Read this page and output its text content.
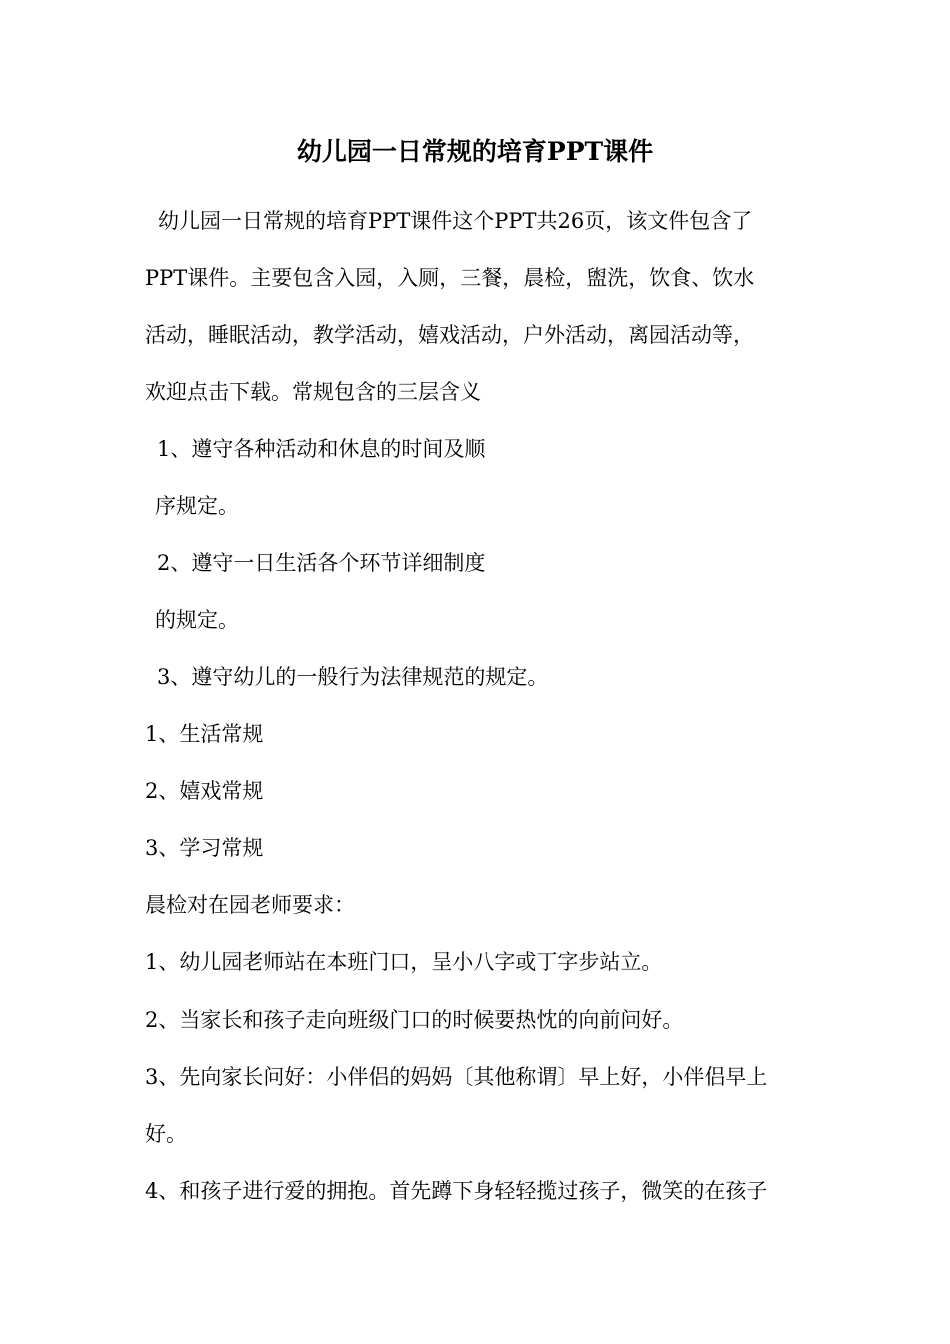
幼儿园一日常规的培育PPT课件
幼儿园一日常规的培育PPT课件这个PPT共26页，该文件包含了
PPT课件。主要包含入园，入厕，三餐，晨检，盥洗，饮食、饮水
活动，睡眠活动，教学活动，嬉戏活动，户外活动，离园活动等，
欢迎点击下载。常规包含的三层含义
1、遵守各种活动和休息的时间及顺
序规定。
2、遵守一日生活各个环节详细制度
的规定。
3、遵守幼儿的一般行为法律规范的规定。
1、生活常规
2、嬉戏常规
3、学习常规
晨检对在园老师要求：
1、幼儿园老师站在本班门口，呈小八字或丁字步站立。
2、当家长和孩子走向班级门口的时候要热忱的向前问好。
3、先向家长问好：小伴侣的妈妈〔其他称谓〕早上好，小伴侣早上
好。
4、和孩子进行爱的拥抱。首先蹲下身轻轻揽过孩子，微笑的在孩子
